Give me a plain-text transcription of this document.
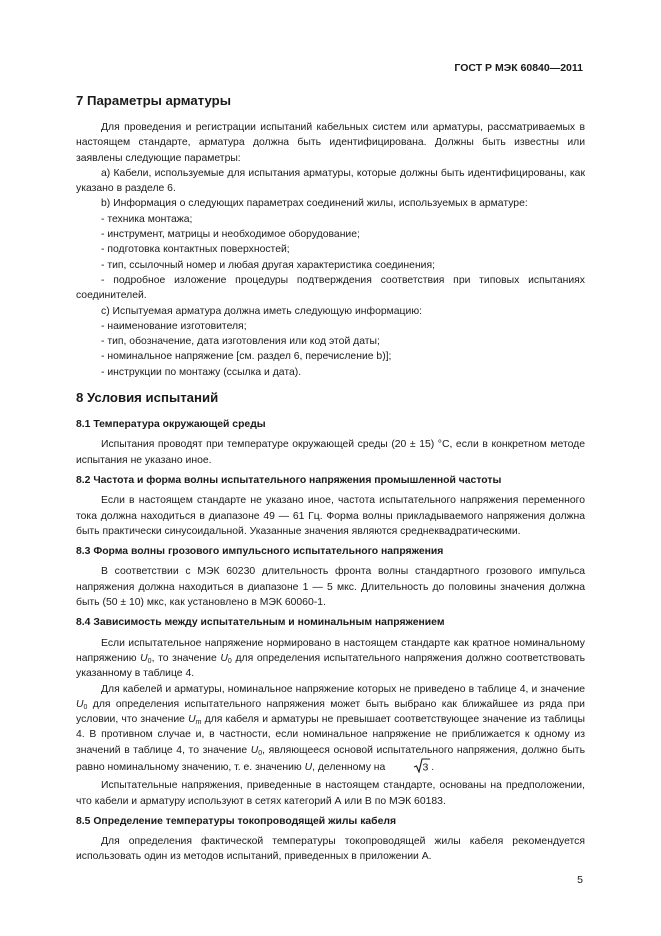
ГОСТ Р МЭК 60840—2011
7 Параметры арматуры

Для проведения и регистрации испытаний кабельных систем или арматуры, рассматриваемых в настоящем стандарте, арматура должна быть идентифицирована. Должны быть известны или заявлены следующие параметры:

а) Кабели, используемые для испытания арматуры, которые должны быть идентифицированы, как указано в разделе 6.

b) Информация о следующих параметрах соединений жилы, используемых в арматуре:

- техника монтажа;

- инструмент, матрицы и необходимое оборудование;

- подготовка контактных поверхностей;

- тип, ссылочный номер и любая другая характеристика соединения;

- подробное изложение процедуры подтверждения соответствия при типовых испытаниях соединителей.

с) Испытуемая арматура должна иметь следующую информацию:

- наименование изготовителя;

- тип, обозначение, дата изготовления или код этой даты;

- номинальное напряжение [см. раздел 6, перечисление b)];

- инструкции по монтажу (ссылка и дата).

8 Условия испытаний
8.1 Температура окружающей среды

Испытания проводят при температуре окружающей среды (20 ± 15) °С, если в конкретном методе испытания не указано иное.

8.2 Частота и форма волны испытательного напряжения промышленной частоты

Если в настоящем стандарте не указано иное, частота испытательного напряжения переменного тока должна находиться в диапазоне 49 — 61 Гц. Форма волны прикладываемого напряжения должна быть практически синусоидальной. Указанные значения являются среднеквадратическими.

8.3 Форма волны грозового импульсного испытательного напряжения

В соответствии с МЭК 60230 длительность фронта волны стандартного грозового импульса напряжения должна находиться в диапазоне 1 — 5 мкс. Длительность до половины значения должна быть (50 ± 10) мкс, как установлено в МЭК 60060-1.

8.4 Зависимость между испытательным и номинальным напряжением

Если испытательное напряжение нормировано в настоящем стандарте как кратное номинальному напряжению $U_0$, то значение $U_0$ для определения испытательного напряжения должно соответствовать указанному в таблице 4.

Для кабелей и арматуры, номинальное напряжение которых не приведено в таблице 4, и значение $U_0$ для определения испытательного напряжения может быть выбрано как ближайшее из ряда при условии, что значение $U_m$ для кабеля и арматуры не превышает соответствующее значение из таблицы 4. В противном случае и, в частности, если номинальное напряжение не приближается к одному из значений в таблице 4, то значение $U_0$, являющееся основой испытательного напряжения, должно быть равно номинальному значению, т. е. значению U, деленному на	3 .

Испытательные напряжения, приведенные в настоящем стандарте, основаны на предположении, что кабели и арматуру используют в сетях категорий А или В по МЭК 60183.

8.5 Определение температуры токопроводящей жилы кабеля

Для определения фактической температуры токопроводящей жилы кабеля рекомендуется использовать один из методов испытаний, приведенных в приложении А.

5
